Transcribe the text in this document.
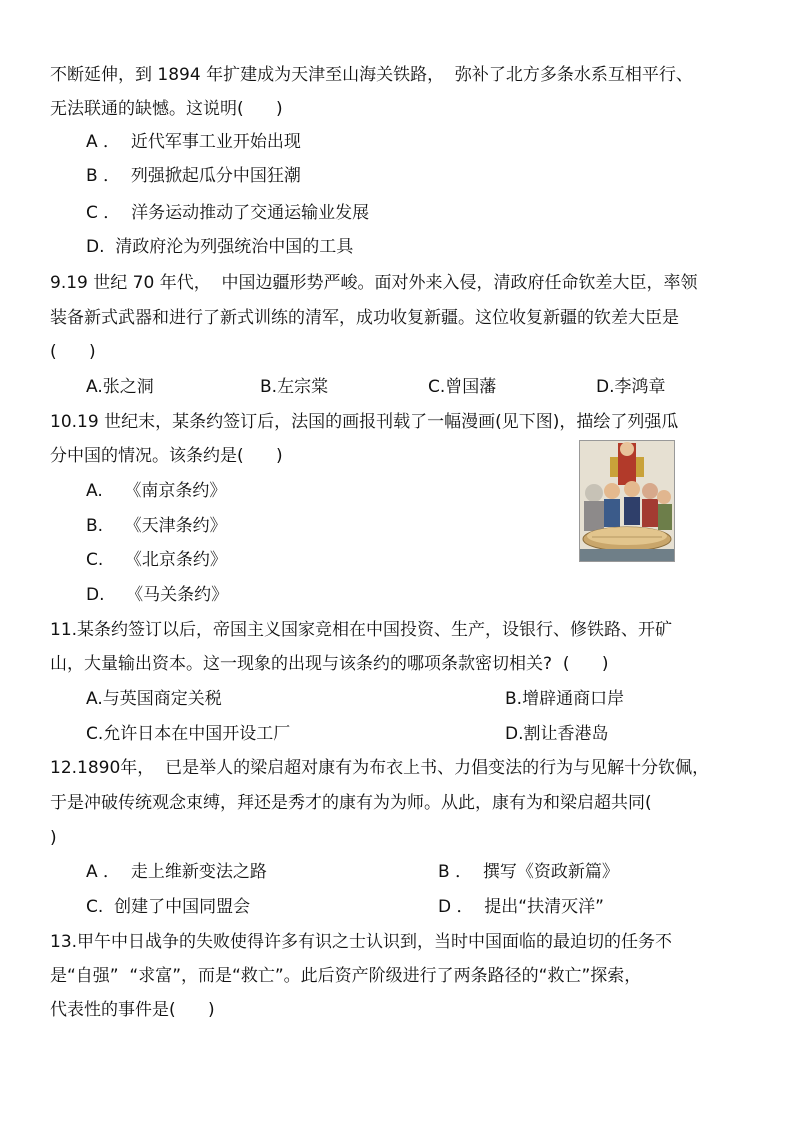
不断延伸，到 1894 年扩建成为天津至山海关铁路，  弥补了北方多条水系互相平行、
无法联通的缺憾。这说明(      )
A ．  近代军事工业开始出现
B ．  列强掀起瓜分中国狂潮
C ．  洋务运动推动了交通运输业发展
D.  清政府沦为列强统治中国的工具
9.19 世纪 70 年代，  中国边疆形势严峻。面对外来入侵，清政府任命钦差大臣，率领
装备新式武器和进行了新式训练的清军，成功收复新疆。这位收复新疆的钦差大臣是
(      )
A.张之洞	B.左宗棠	C.曾国藩	D.李鸿章
10.19 世纪末，某条约签订后，法国的画报刊载了一幅漫画(见下图)，描绘了列强瓜
分中国的情况。该条约是(      )
A.    《南京条约》
B.    《天津条约》
C.    《北京条约》
D.    《马关条约》
11.某条约签订以后，帝国主义国家竞相在中国投资、生产，设银行、修铁路、开矿
山，大量输出资本。这一现象的出现与该条约的哪项条款密切相关?  (      )
A.与英国商定关税	B.增辟通商口岸
C.允许日本在中国开设工厂	D.割让香港岛
12.1890年，  已是举人的梁启超对康有为布衣上书、力倡变法的行为与见解十分钦佩，
于是冲破传统观念束缚，拜还是秀才的康有为为师。从此，康有为和梁启超共同(
)
A ．  走上维新变法之路	B ．  撰写《资政新篇》
C.  创建了中国同盟会	D ．  提出“扶清灭洋”
13.甲午中日战争的失败使得许多有识之士认识到，当时中国面临的最迫切的任务不
是“自强”  “求富”，而是“救亡”。此后资产阶级进行了两条路径的“救亡”探索，
代表性的事件是(      )
